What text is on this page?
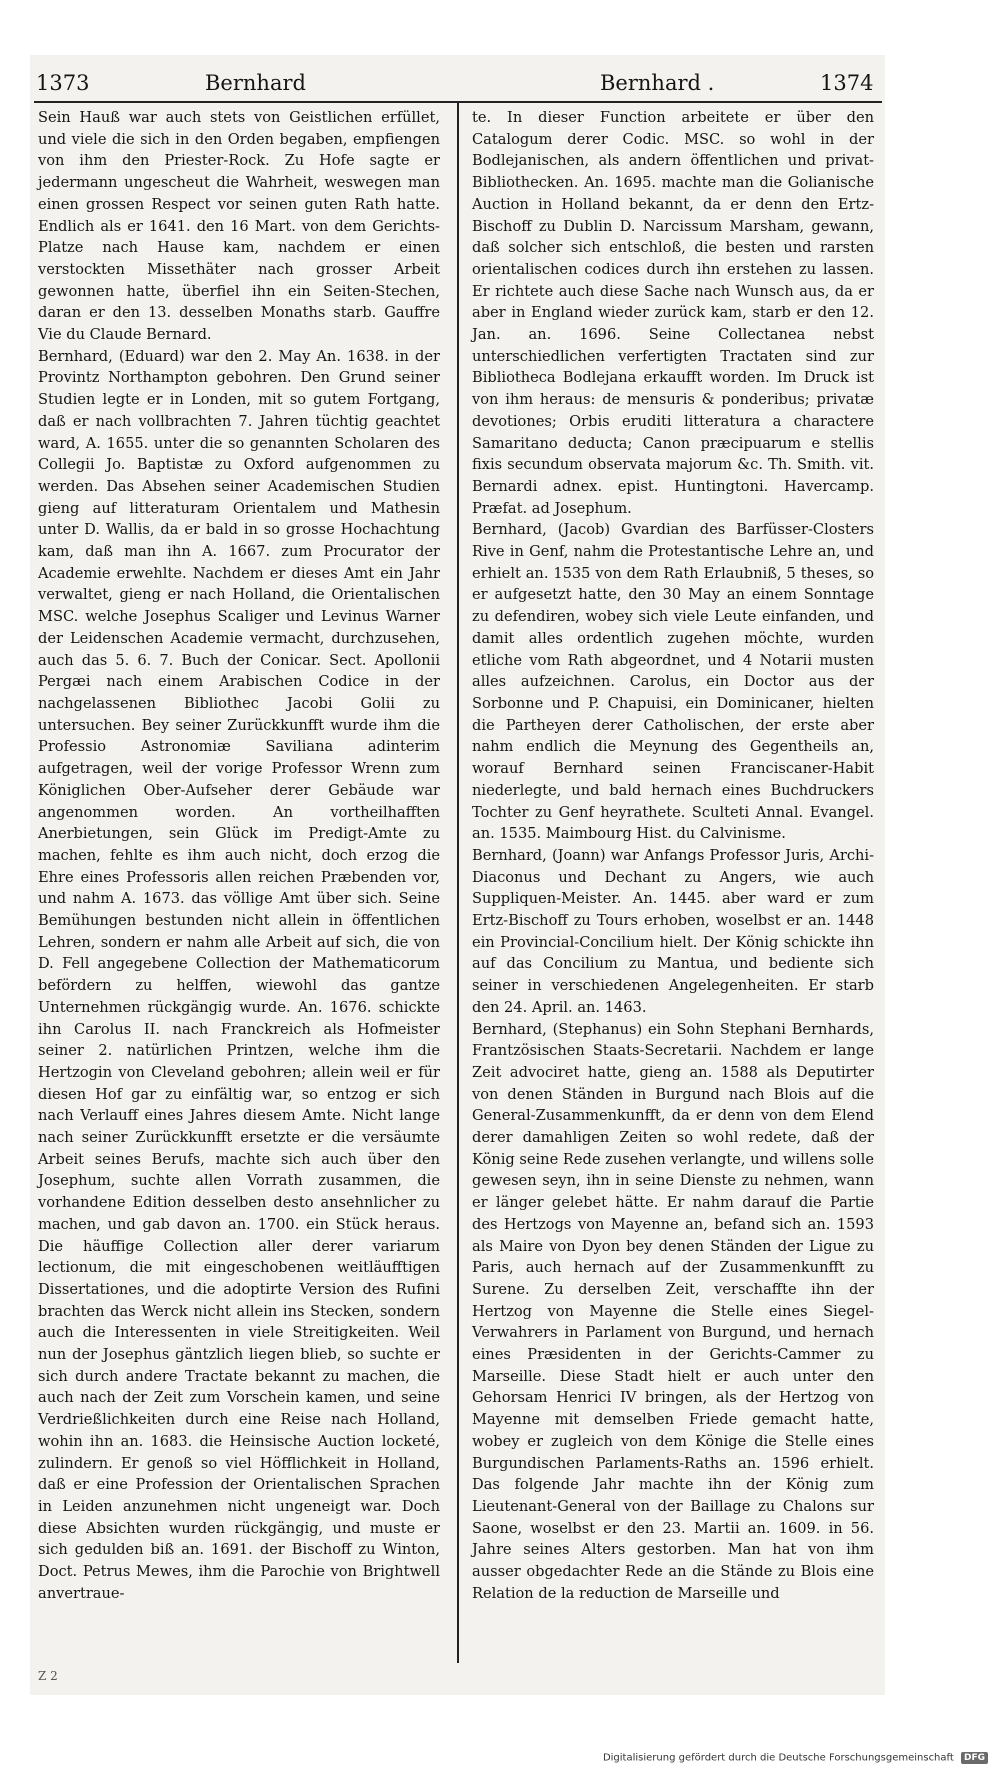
1373	Bernhard	Bernhard .	1374

Sein Hauß war auch stets von Geistlichen erfüllet, und viele die sich in den Orden begaben, empfiengen von ihm den Priester-Rock. Zu Hofe sagte er jedermann ungescheut die Wahrheit, weswegen man einen grossen Respect vor seinen guten Rath hatte. Endlich als er 1641. den 16 Mart. von dem Gerichts-Platze nach Hause kam, nachdem er einen verstockten Missethäter nach grosser Arbeit gewonnen hatte, überfiel ihn ein Seiten-Stechen, daran er den 13. desselben Monaths starb. Gauffre Vie du Claude Bernard.

Bernhard, (Eduard) war den 2. May An. 1638. in der Provintz Northampton gebohren. Den Grund seiner Studien legte er in Londen, mit so gutem Fortgang, daß er nach vollbrachten 7. Jahren tüchtig geachtet ward, A. 1655. unter die so genannten Scholaren des Collegii Jo. Baptistæ zu Oxford aufgenommen zu werden. Das Absehen seiner Academischen Studien gieng auf litteraturam Orientalem und Mathesin unter D. Wallis, da er bald in so grosse Hochachtung kam, daß man ihn A. 1667. zum Procurator der Academie erwehlte. Nachdem er dieses Amt ein Jahr verwaltet, gieng er nach Holland, die Orientalischen MSC. welche Josephus Scaliger und Levinus Warner der Leidenschen Academie vermacht, durchzusehen, auch das 5. 6. 7. Buch der Conicar. Sect. Apollonii Pergæi nach einem Arabischen Codice in der nachgelassenen Bibliothec Jacobi Golii zu untersuchen. Bey seiner Zurückkunfft wurde ihm die Professio Astronomiæ Saviliana adinterim aufgetragen, weil der vorige Professor Wrenn zum Königlichen Ober-Aufseher derer Gebäude war angenommen worden. An vortheilhafften Anerbietungen, sein Glück im Predigt-Amte zu machen, fehlte es ihm auch nicht, doch erzog die Ehre eines Professoris allen reichen Præbenden vor, und nahm A. 1673. das völlige Amt über sich. Seine Bemühungen bestunden nicht allein in öffentlichen Lehren, sondern er nahm alle Arbeit auf sich, die von D. Fell angegebene Collection der Mathematicorum befördern zu helffen, wiewohl das gantze Unternehmen rückgängig wurde. An. 1676. schickte ihn Carolus II. nach Franckreich als Hofmeister seiner 2. natürlichen Printzen, welche ihm die Hertzogin von Cleveland gebohren; allein weil er für diesen Hof gar zu einfältig war, so entzog er sich nach Verlauff eines Jahres diesem Amte. Nicht lange nach seiner Zurückkunfft ersetzte er die versäumte Arbeit seines Berufs, machte sich auch über den Josephum, suchte allen Vorrath zusammen, die vorhandene Edition desselben desto ansehnlicher zu machen, und gab davon an. 1700. ein Stück heraus. Die häuffige Collection aller derer variarum lectionum, die mit eingeschobenen weitläufftigen Dissertationes, und die adoptirte Version des Rufini brachten das Werck nicht allein ins Stecken, sondern auch die Interessenten in viele Streitigkeiten. Weil nun der Josephus gäntzlich liegen blieb, so suchte er sich durch andere Tractate bekannt zu machen, die auch nach der Zeit zum Vorschein kamen, und seine Verdrießlichkeiten durch eine Reise nach Holland, wohin ihn an. 1683. die Heinsische Auction locketé, zulindern. Er genoß so viel Höfflichkeit in Holland, daß er eine Profession der Orientalischen Sprachen in Leiden anzunehmen nicht ungeneigt war. Doch diese Absichten wurden rückgängig, und muste er sich gedulden biß an. 1691. der Bischoff zu Winton, Doct. Petrus Mewes, ihm die Parochie von Brightwell anvertraue-

Z 2

te. In dieser Function arbeitete er über den Catalogum derer Codic. MSC. so wohl in der Bodlejanischen, als andern öffentlichen und privat-Bibliothecken. An. 1695. machte man die Golianische Auction in Holland bekannt, da er denn den Ertz-Bischoff zu Dublin D. Narcissum Marsham, gewann, daß solcher sich entschloß, die besten und rarsten orientalischen codices durch ihn erstehen zu lassen. Er richtete auch diese Sache nach Wunsch aus, da er aber in England wieder zurück kam, starb er den 12. Jan. an. 1696. Seine Collectanea nebst unterschiedlichen verfertigten Tractaten sind zur Bibliotheca Bodlejana erkaufft worden. Im Druck ist von ihm heraus: de mensuris & ponderibus; privatæ devotiones; Orbis eruditi litteratura a charactere Samaritano deducta; Canon præcipuarum e stellis fixis secundum observata majorum &c. Th. Smith. vit. Bernardi adnex. epist. Huntingtoni. Havercamp. Præfat. ad Josephum.

Bernhard, (Jacob) Gvardian des Barfüsser-Closters Rive in Genf, nahm die Protestantische Lehre an, und erhielt an. 1535 von dem Rath Erlaubniß, 5 theses, so er aufgesetzt hatte, den 30 May an einem Sonntage zu defendiren, wobey sich viele Leute einfanden, und damit alles ordentlich zugehen möchte, wurden etliche vom Rath abgeordnet, und 4 Notarii musten alles aufzeichnen. Carolus, ein Doctor aus der Sorbonne und P. Chapuisi, ein Dominicaner, hielten die Partheyen derer Catholischen, der erste aber nahm endlich die Meynung des Gegentheils an, worauf Bernhard seinen Franciscaner-Habit niederlegte, und bald hernach eines Buchdruckers Tochter zu Genf heyrathete. Sculteti Annal. Evangel. an. 1535. Maimbourg Hist. du Calvinisme.

Bernhard, (Joann) war Anfangs Professor Juris, Archi-Diaconus und Dechant zu Angers, wie auch Suppliquen-Meister. An. 1445. aber ward er zum Ertz-Bischoff zu Tours erhoben, woselbst er an. 1448 ein Provincial-Concilium hielt. Der König schickte ihn auf das Concilium zu Mantua, und bediente sich seiner in verschiedenen Angelegenheiten. Er starb den 24. April. an. 1463.

Bernhard, (Stephanus) ein Sohn Stephani Bernhards, Frantzösischen Staats-Secretarii. Nachdem er lange Zeit advociret hatte, gieng an. 1588 als Deputirter von denen Ständen in Burgund nach Blois auf die General-Zusammenkunfft, da er denn von dem Elend derer damahligen Zeiten so wohl redete, daß der König seine Rede zusehen verlangte, und willens solle gewesen seyn, ihn in seine Dienste zu nehmen, wann er länger gelebet hätte. Er nahm darauf die Partie des Hertzogs von Mayenne an, befand sich an. 1593 als Maire von Dyon bey denen Ständen der Ligue zu Paris, auch hernach auf der Zusammenkunfft zu Surene. Zu derselben Zeit, verschaffte ihn der Hertzog von Mayenne die Stelle eines Siegel-Verwahrers in Parlament von Burgund, und hernach eines Præsidenten in der Gerichts-Cammer zu Marseille. Diese Stadt hielt er auch unter den Gehorsam Henrici IV bringen, als der Hertzog von Mayenne mit demselben Friede gemacht hatte, wobey er zugleich von dem Könige die Stelle eines Burgundischen Parlaments-Raths an. 1596 erhielt. Das folgende Jahr machte ihn der König zum Lieutenant-General von der Baillage zu Chalons sur Saone, woselbst er den 23. Martii an. 1609. in 56. Jahre seines Alters gestorben. Man hat von ihm ausser obgedachter Rede an die Stände zu Blois eine Relation de la reduction de Marseille und

Digitalisierung gefördert durch die Deutsche Forschungsgemeinschaft DFG
